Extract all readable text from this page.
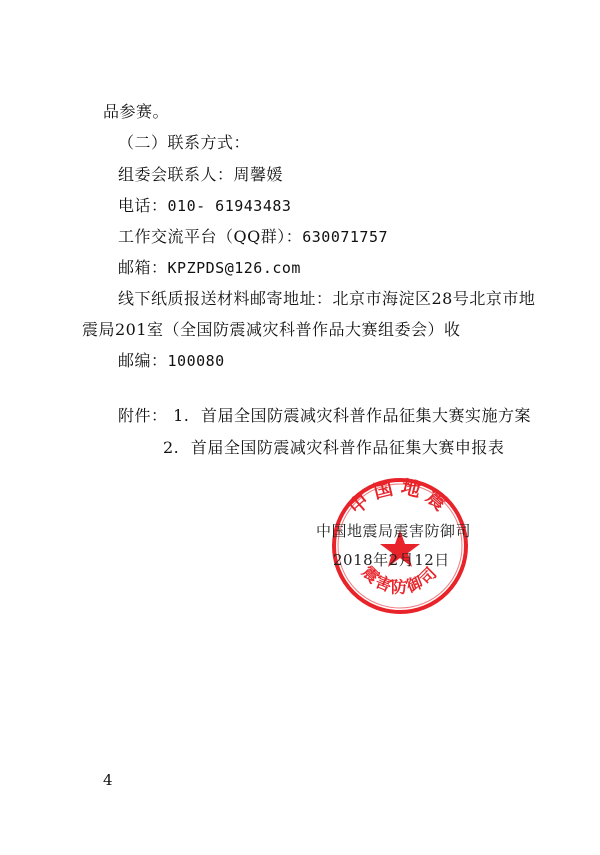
品参赛。
（二）联系方式：
组委会联系人：周馨媛
电话：010- 61943483
工作交流平台（QQ群）：630071757
邮箱：KPZPDS@126.com
线下纸质报送材料邮寄地址：北京市海淀区28号北京市地
震局201室（全国防震减灾科普作品大赛组委会）收
邮编：100080
附件： 1. 首届全国防震减灾科普作品征集大赛实施方案
2. 首届全国防震减灾科普作品征集大赛申报表
中国地震
震害防御司
中国地震局震害防御司
2018年2月12日
4
